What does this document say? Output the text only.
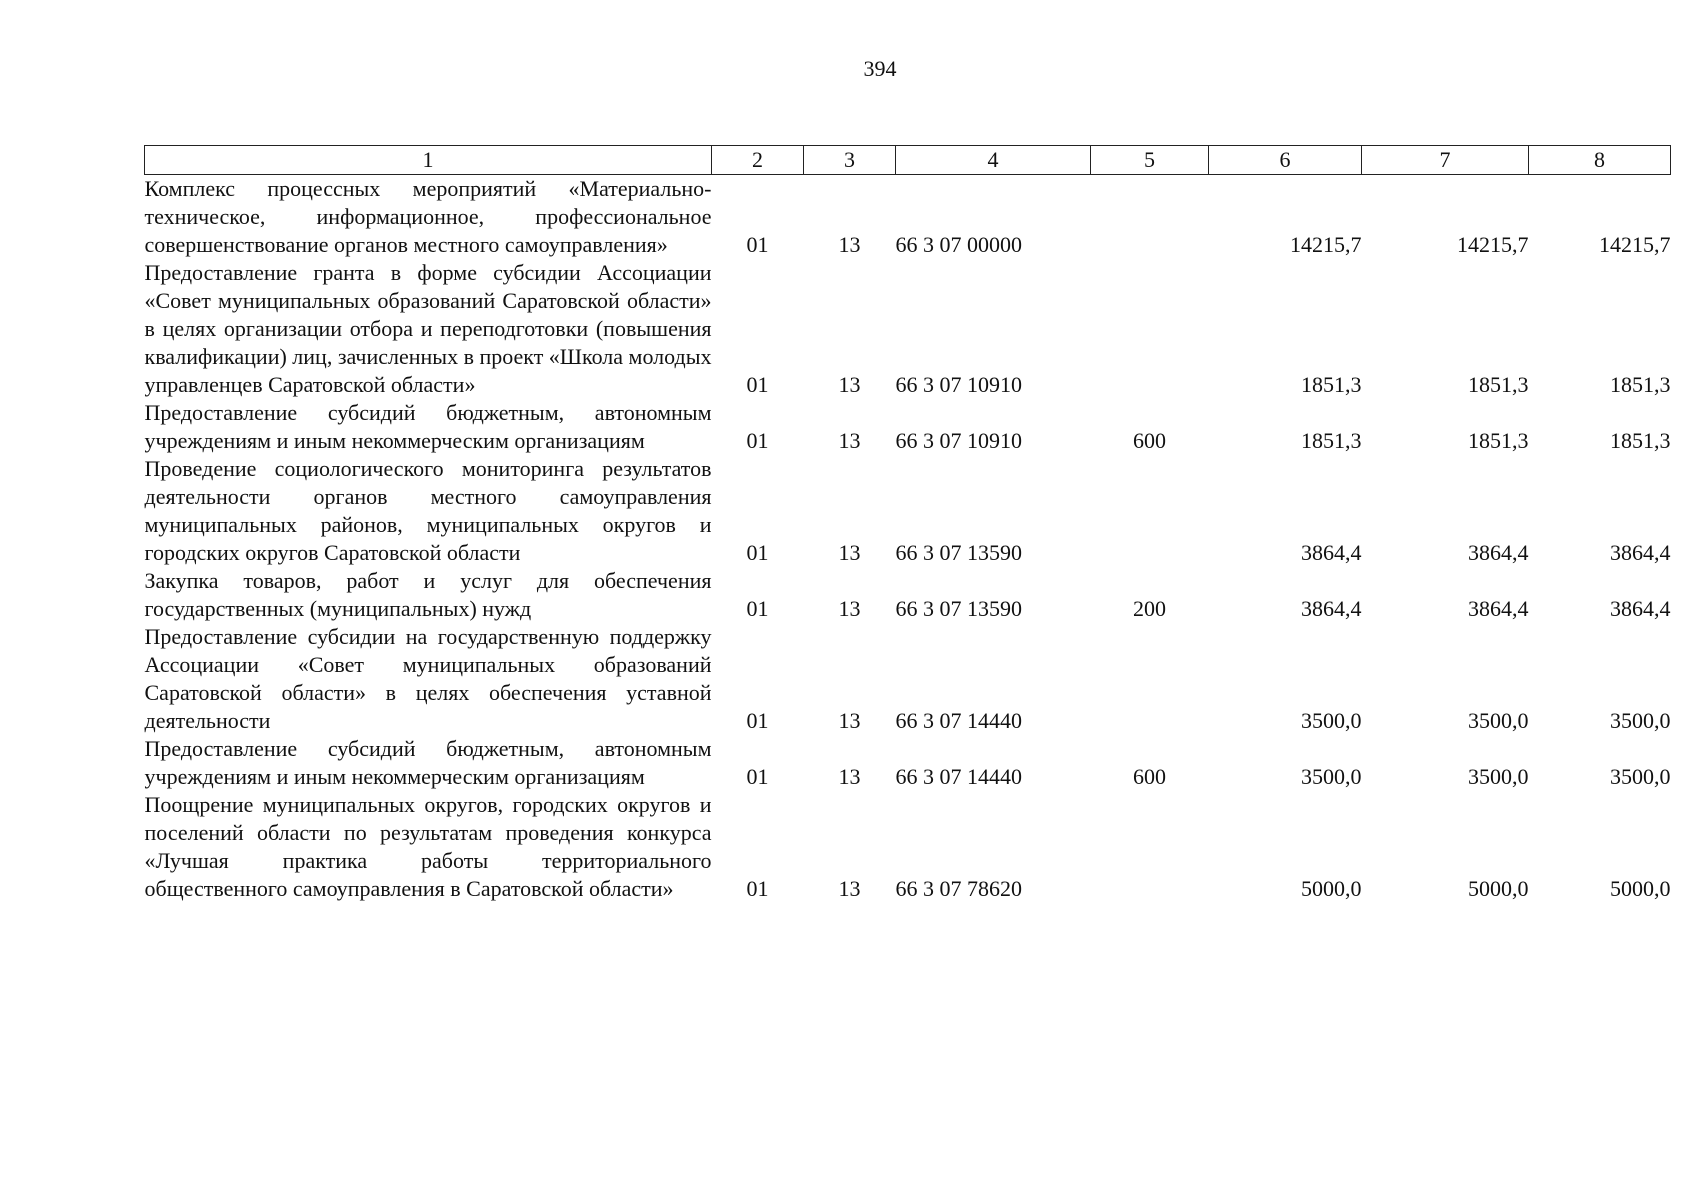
394
1	2	3	4	5	6	7	8
Комплекс процессных мероприятий «Материально-техническое, информационное, профессиональное совершенствование органов местного самоуправления»	01	13	66 3 07 00000		14215,7	14215,7	14215,7
Предоставление гранта в форме субсидии Ассоциации «Совет муниципальных образований Саратовской области» в целях организации отбора и переподготовки (повышения квалификации) лиц, зачисленных в проект «Школа молодых управленцев Саратовской области»	01	13	66 3 07 10910		1851,3	1851,3	1851,3
Предоставление субсидий бюджетным, автономным учреждениям и иным некоммерческим организациям	01	13	66 3 07 10910	600	1851,3	1851,3	1851,3
Проведение социологического мониторинга результатов деятельности органов местного самоуправления муниципальных районов, муниципальных округов и городских округов Саратовской области	01	13	66 3 07 13590		3864,4	3864,4	3864,4
Закупка товаров, работ и услуг для обеспечения государственных (муниципальных) нужд	01	13	66 3 07 13590	200	3864,4	3864,4	3864,4
Предоставление субсидии на государственную поддержку Ассоциации «Совет муниципальных образований Саратовской области» в целях обеспечения уставной деятельности	01	13	66 3 07 14440		3500,0	3500,0	3500,0
Предоставление субсидий бюджетным, автономным учреждениям и иным некоммерческим организациям	01	13	66 3 07 14440	600	3500,0	3500,0	3500,0
Поощрение муниципальных округов, городских округов и поселений области по результатам проведения конкурса «Лучшая практика работы территориального общественного самоуправления в Саратовской области»	01	13	66 3 07 78620		5000,0	5000,0	5000,0
